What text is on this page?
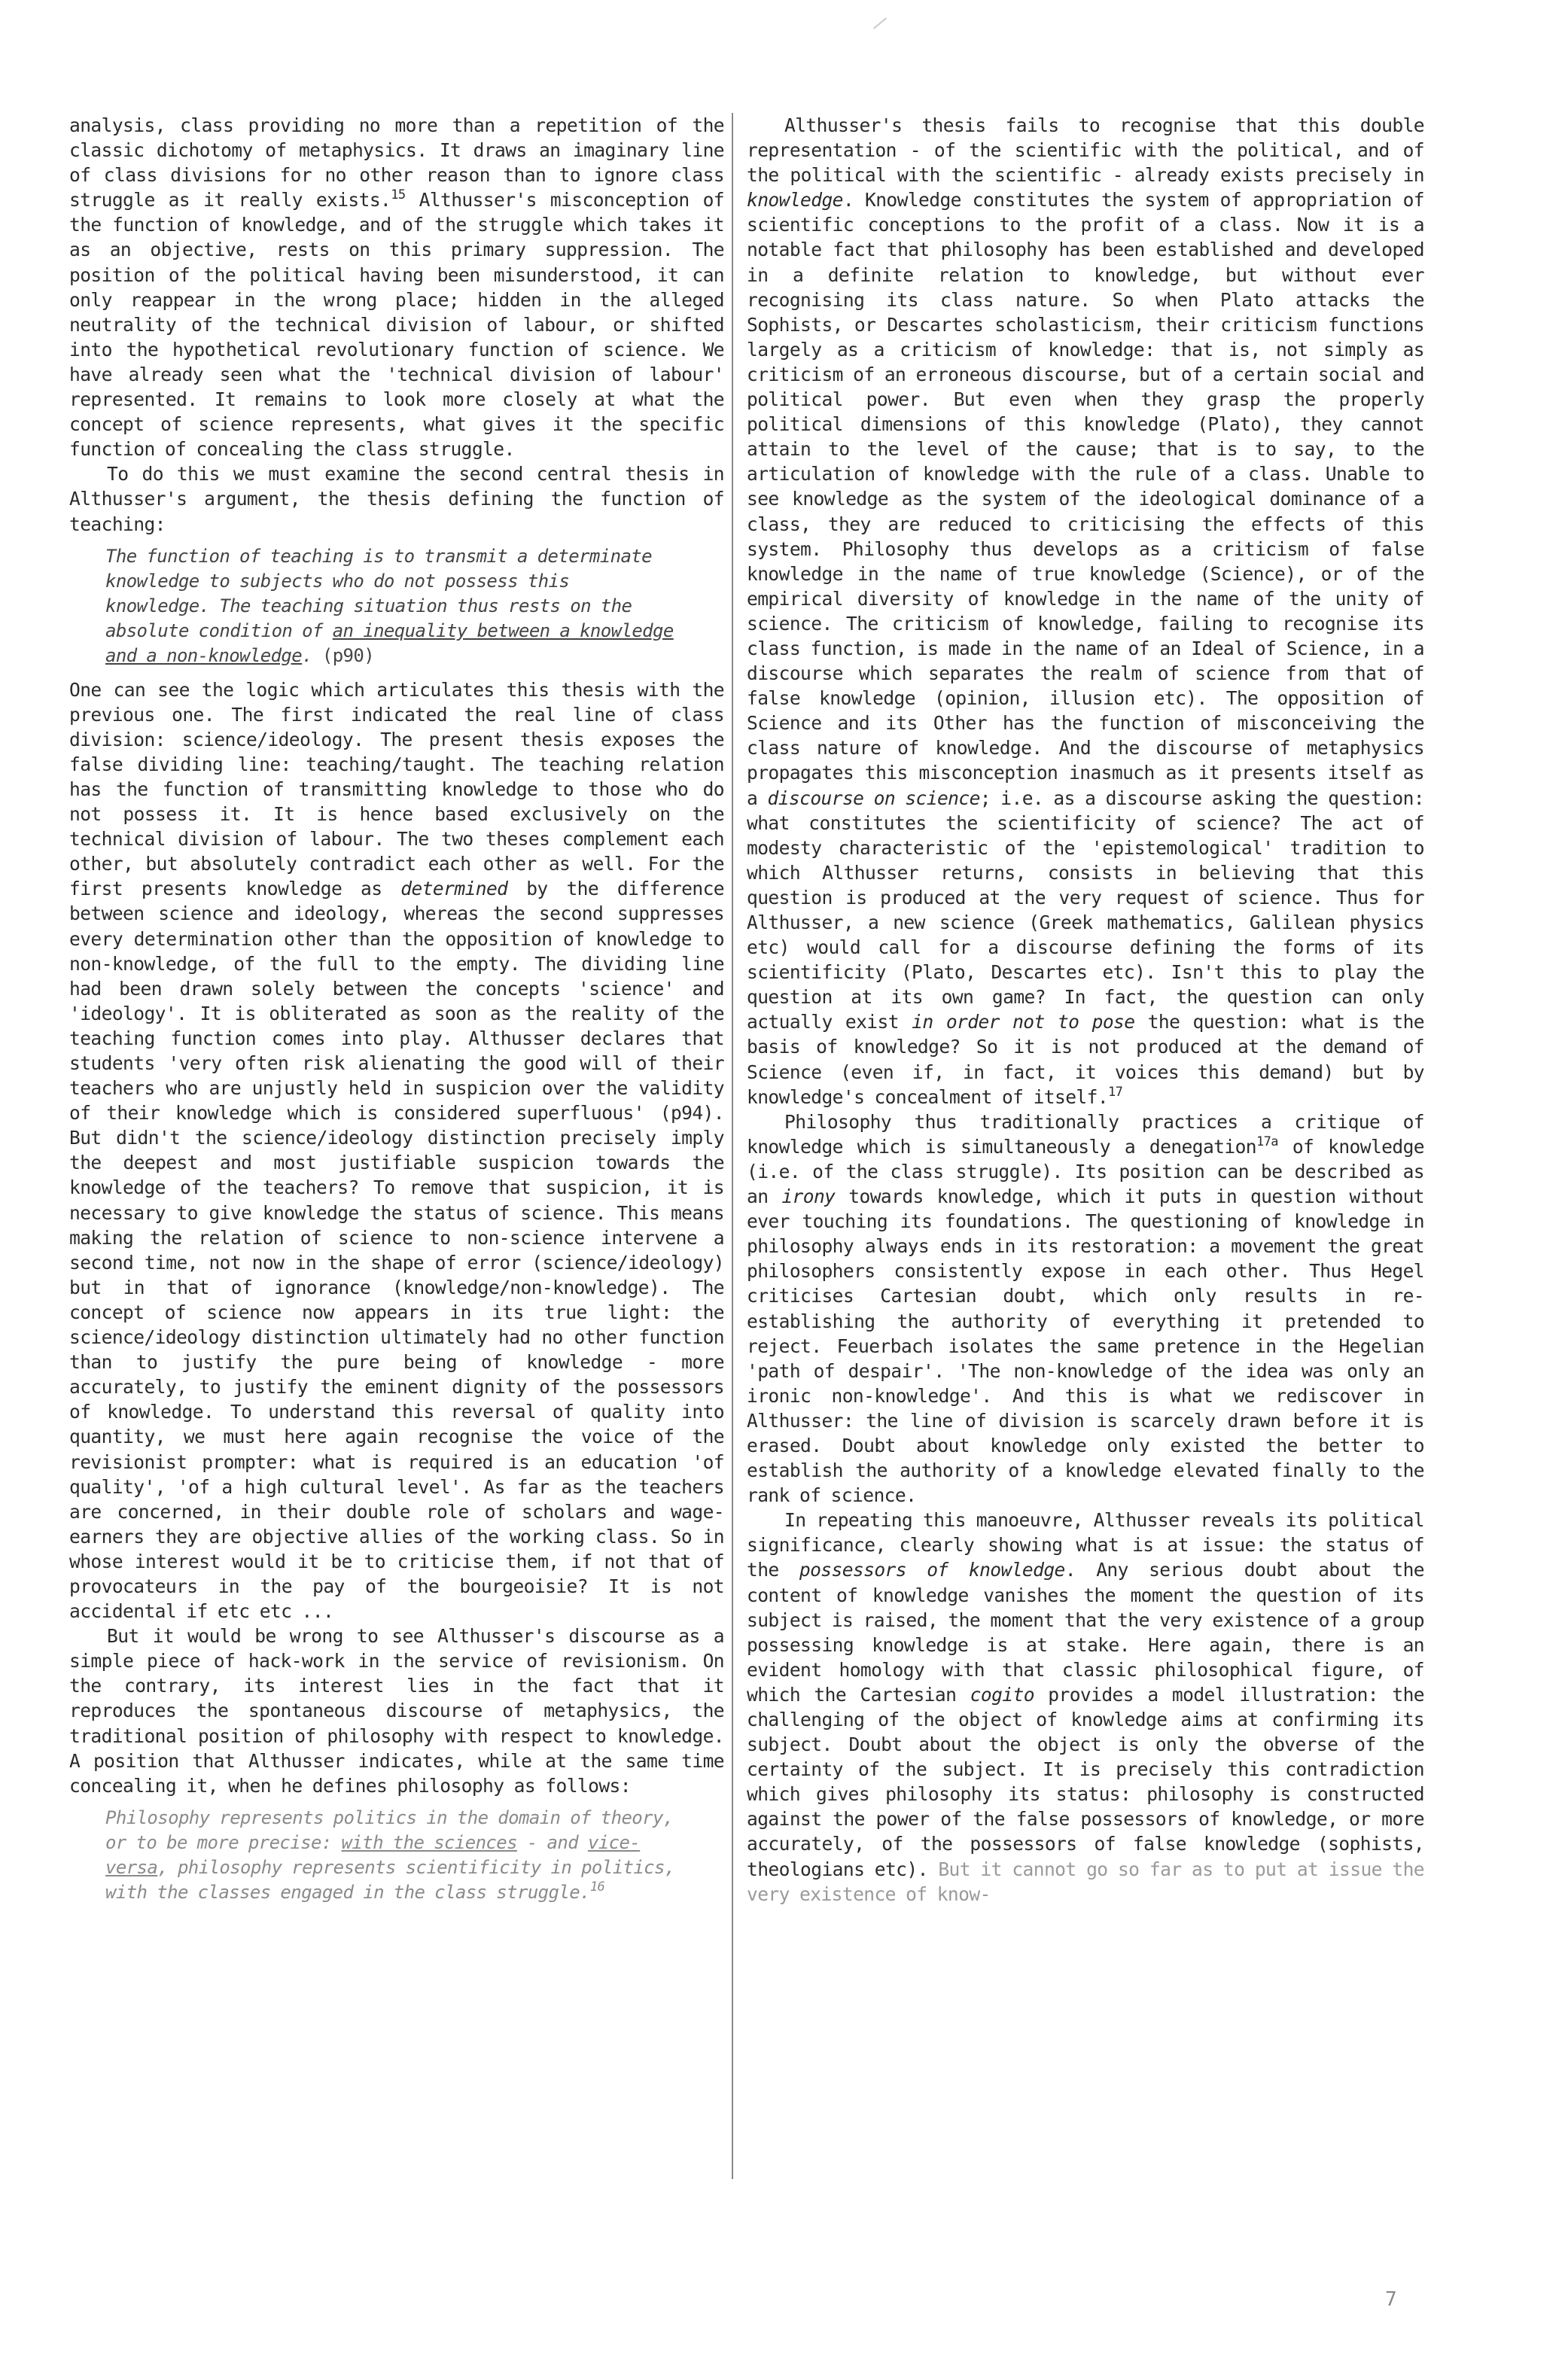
analysis, class providing no more than a repetition of the classic dichotomy of metaphysics. It draws an imaginary line of class divisions for no other reason than to ignore class struggle as it really exists.$^{15}$ Althusser's misconception of the function of knowledge, and of the struggle which takes it as an objective, rests on this primary suppression. The position of the political having been misunderstood, it can only reappear in the wrong place; hidden in the alleged neutrality of the technical division of labour, or shifted into the hypothetical revolutionary function of science. We have already seen what the 'technical division of labour' represented. It remains to look more closely at what the concept of science represents, what gives it the specific function of concealing the class struggle.

To do this we must examine the second central thesis in Althusser's argument, the thesis defining the function of teaching:

The function of teaching is to transmit a determinate knowledge to subjects who do not possess this knowledge. The teaching situation thus rests on the absolute condition of an inequality between a knowledge and a non-knowledge. (p90)

One can see the logic which articulates this thesis with the previous one. The first indicated the real line of class division: science/ideology. The present thesis exposes the false dividing line: teaching/taught. The teaching relation has the function of transmitting knowledge to those who do not possess it. It is hence based exclusively on the technical division of labour. The two theses complement each other, but absolutely contradict each other as well. For the first presents knowledge as determined by the difference between science and ideology, whereas the second suppresses every determination other than the opposition of knowledge to non-knowledge, of the full to the empty. The dividing line had been drawn solely between the concepts 'science' and 'ideology'. It is obliterated as soon as the reality of the teaching function comes into play. Althusser declares that students 'very often risk alienating the good will of their teachers who are unjustly held in suspicion over the validity of their knowledge which is considered superfluous' (p94). But didn't the science/ideology distinction precisely imply the deepest and most justifiable suspicion towards the knowledge of the teachers? To remove that suspicion, it is necessary to give knowledge the status of science. This means making the relation of science to non-science intervene a second time, not now in the shape of error (science/ideology) but in that of ignorance (knowledge/non-knowledge). The concept of science now appears in its true light: the science/ideology distinction ultimately had no other function than to justify the pure being of knowledge - more accurately, to justify the eminent dignity of the possessors of knowledge. To understand this reversal of quality into quantity, we must here again recognise the voice of the revisionist prompter: what is required is an education 'of quality', 'of a high cultural level'. As far as the teachers are concerned, in their double role of scholars and wage-earners they are objective allies of the working class. So in whose interest would it be to criticise them, if not that of provocateurs in the pay of the bourgeoisie? It is not accidental if etc etc ...

But it would be wrong to see Althusser's discourse as a simple piece of hack-work in the service of revisionism. On the contrary, its interest lies in the fact that it reproduces the spontaneous discourse of metaphysics, the traditional position of philosophy with respect to knowledge. A position that Althusser indicates, while at the same time concealing it, when he defines philosophy as follows:

Philosophy represents politics in the domain of theory, or to be more precise: with the sciences - and vice-versa, philosophy represents scientificity in politics, with the classes engaged in the class struggle.$^{16}$

Althusser's thesis fails to recognise that this double representation - of the scientific with the political, and of the political with the scientific - already exists precisely in knowledge. Knowledge constitutes the system of appropriation of scientific conceptions to the profit of a class. Now it is a notable fact that philosophy has been established and developed in a definite relation to knowledge, but without ever recognising its class nature. So when Plato attacks the Sophists, or Descartes scholasticism, their criticism functions largely as a criticism of knowledge: that is, not simply as criticism of an erroneous discourse, but of a certain social and political power. But even when they grasp the properly political dimensions of this knowledge (Plato), they cannot attain to the level of the cause; that is to say, to the articulation of knowledge with the rule of a class. Unable to see knowledge as the system of the ideological dominance of a class, they are reduced to criticising the effects of this system. Philosophy thus develops as a criticism of false knowledge in the name of true knowledge (Science), or of the empirical diversity of knowledge in the name of the unity of science. The criticism of knowledge, failing to recognise its class function, is made in the name of an Ideal of Science, in a discourse which separates the realm of science from that of false knowledge (opinion, illusion etc). The opposition of Science and its Other has the function of misconceiving the class nature of knowledge. And the discourse of metaphysics propagates this misconception inasmuch as it presents itself as a discourse on science; i.e. as a discourse asking the question: what constitutes the scientificity of science? The act of modesty characteristic of the 'epistemological' tradition to which Althusser returns, consists in believing that this question is produced at the very request of science. Thus for Althusser, a new science (Greek mathematics, Galilean physics etc) would call for a discourse defining the forms of its scientificity (Plato, Descartes etc). Isn't this to play the question at its own game? In fact, the question can only actually exist in order not to pose the question: what is the basis of knowledge? So it is not produced at the demand of Science (even if, in fact, it voices this demand) but by knowledge's concealment of itself.$^{17}$

Philosophy thus traditionally practices a critique of knowledge which is simultaneously a denegation$^{17a}$ of knowledge (i.e. of the class struggle). Its position can be described as an irony towards knowledge, which it puts in question without ever touching its foundations. The questioning of knowledge in philosophy always ends in its restoration: a movement the great philosophers consistently expose in each other. Thus Hegel criticises Cartesian doubt, which only results in re-establishing the authority of everything it pretended to reject. Feuerbach isolates the same pretence in the Hegelian 'path of despair'. 'The non-knowledge of the idea was only an ironic non-knowledge'. And this is what we rediscover in Althusser: the line of division is scarcely drawn before it is erased. Doubt about knowledge only existed the better to establish the authority of a knowledge elevated finally to the rank of science.

In repeating this manoeuvre, Althusser reveals its political significance, clearly showing what is at issue: the status of the possessors of knowledge. Any serious doubt about the content of knowledge vanishes the moment the question of its subject is raised, the moment that the very existence of a group possessing knowledge is at stake. Here again, there is an evident homology with that classic philosophical figure, of which the Cartesian cogito provides a model illustration: the challenging of the object of knowledge aims at confirming its subject. Doubt about the object is only the obverse of the certainty of the subject. It is precisely this contradiction which gives philosophy its status: philosophy is constructed against the power of the false possessors of knowledge, or more accurately, of the possessors of false knowledge (sophists, theologians etc). But it cannot go so far as to put at issue the very existence of know-

7
